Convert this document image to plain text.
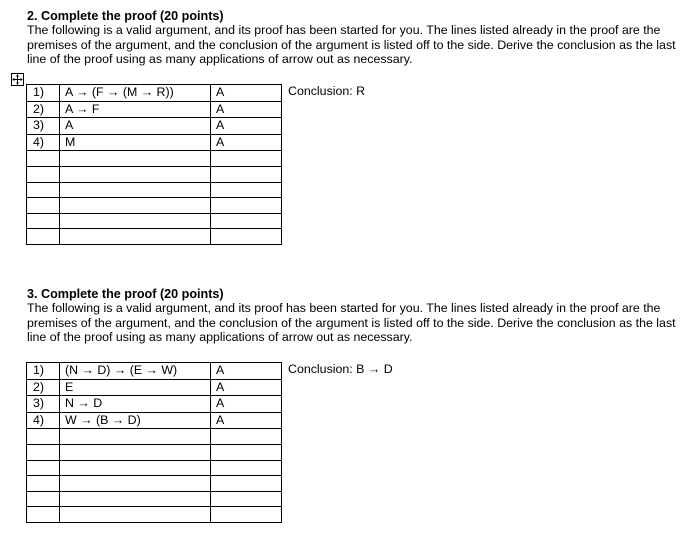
2. Complete the proof (20 points)

The following is a valid argument, and its proof has been started for you. The lines listed already in the proof are the
premises of the argument, and the conclusion of the argument is listed off to the side. Derive the conclusion as the last
line of the proof using as many applications of arrow out as necessary.

1)	A → (F → (M → R))	A
2)	A → F	A
3)	A	A
4)	M	A

Conclusion: R

3. Complete the proof (20 points)

The following is a valid argument, and its proof has been started for you. The lines listed already in the proof are the
premises of the argument, and the conclusion of the argument is listed off to the side. Derive the conclusion as the last
line of the proof using as many applications of arrow out as necessary.

1)	(N → D) → (E → W)	A
2)	E	A
3)	N → D	A
4)	W → (B → D)	A

Conclusion: B → D
